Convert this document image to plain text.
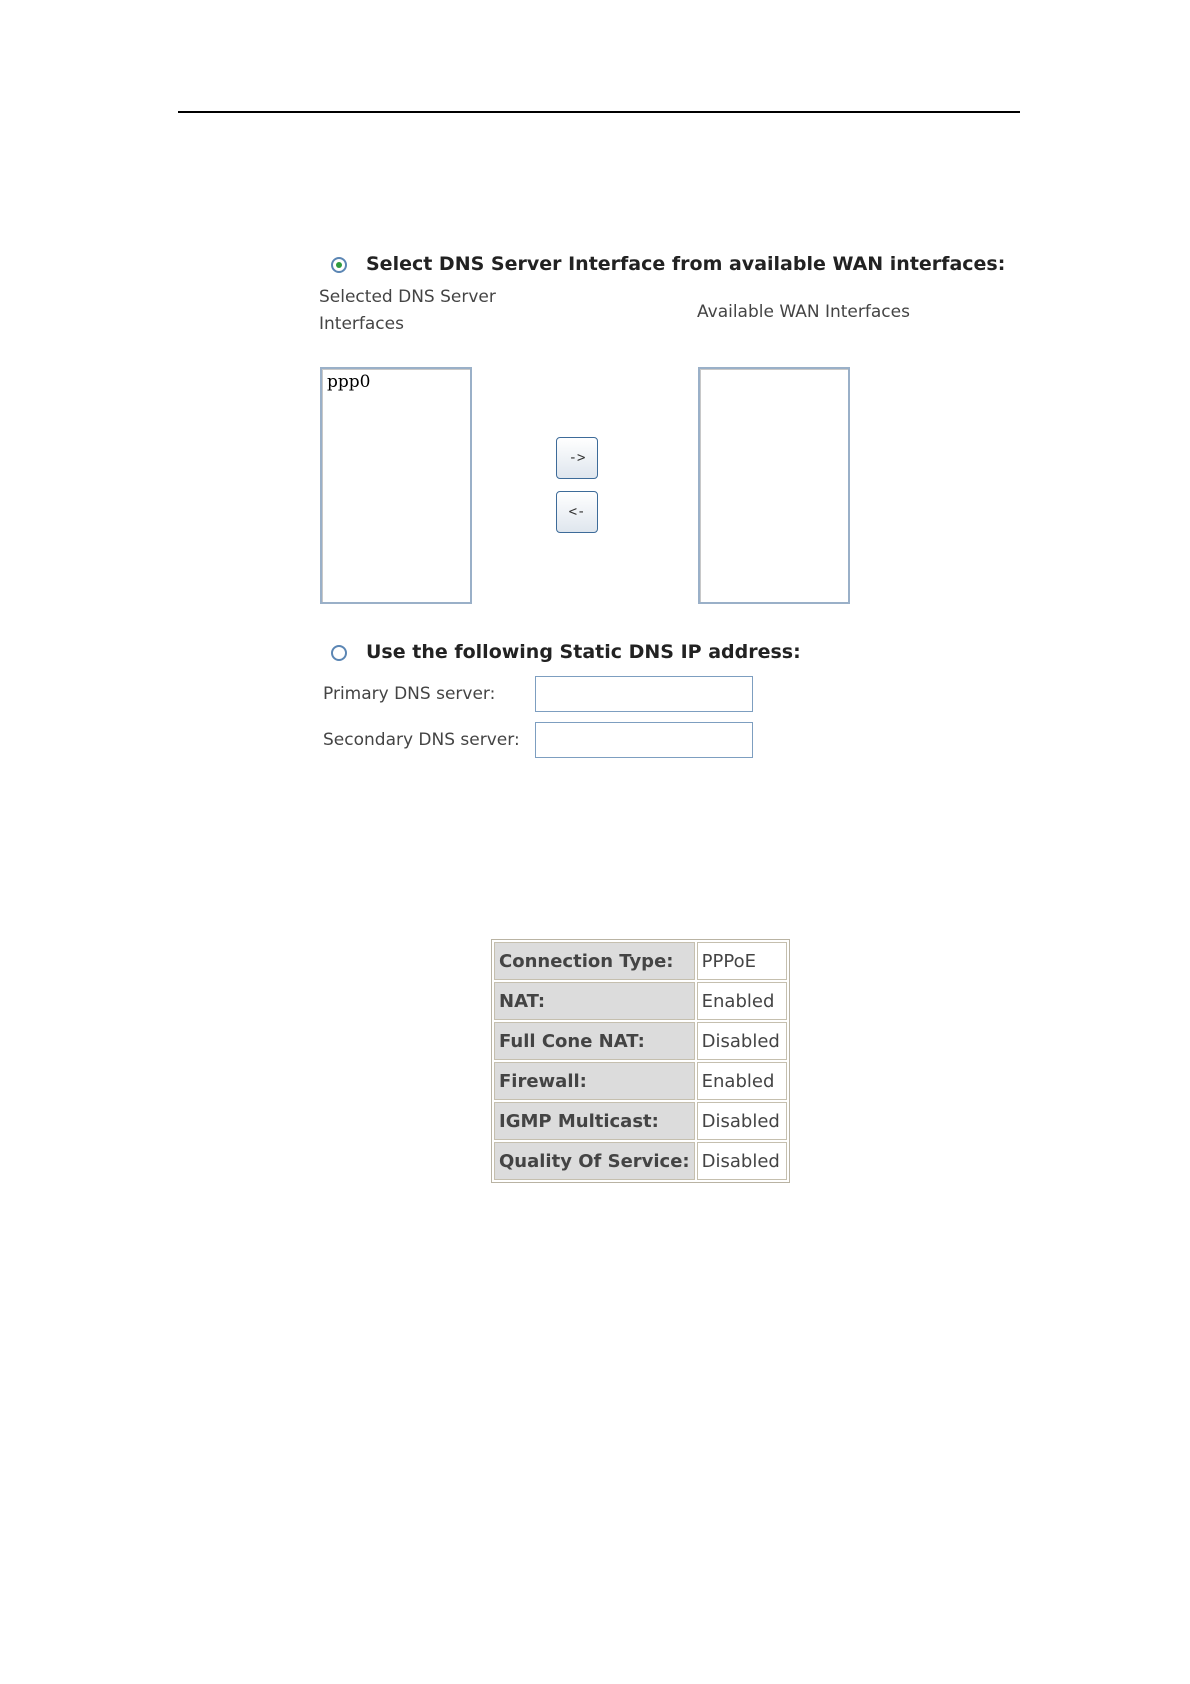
Select DNS Server Interface from available WAN interfaces:
Selected DNS Server Interfaces
Available WAN Interfaces
ppp0
->
<-
Use the following Static DNS IP address:
Primary DNS server:
Secondary DNS server:
Connection Type:	PPPoE
NAT:	Enabled
Full Cone NAT:	Disabled
Firewall:	Enabled
IGMP Multicast:	Disabled
Quality Of Service:	Disabled
